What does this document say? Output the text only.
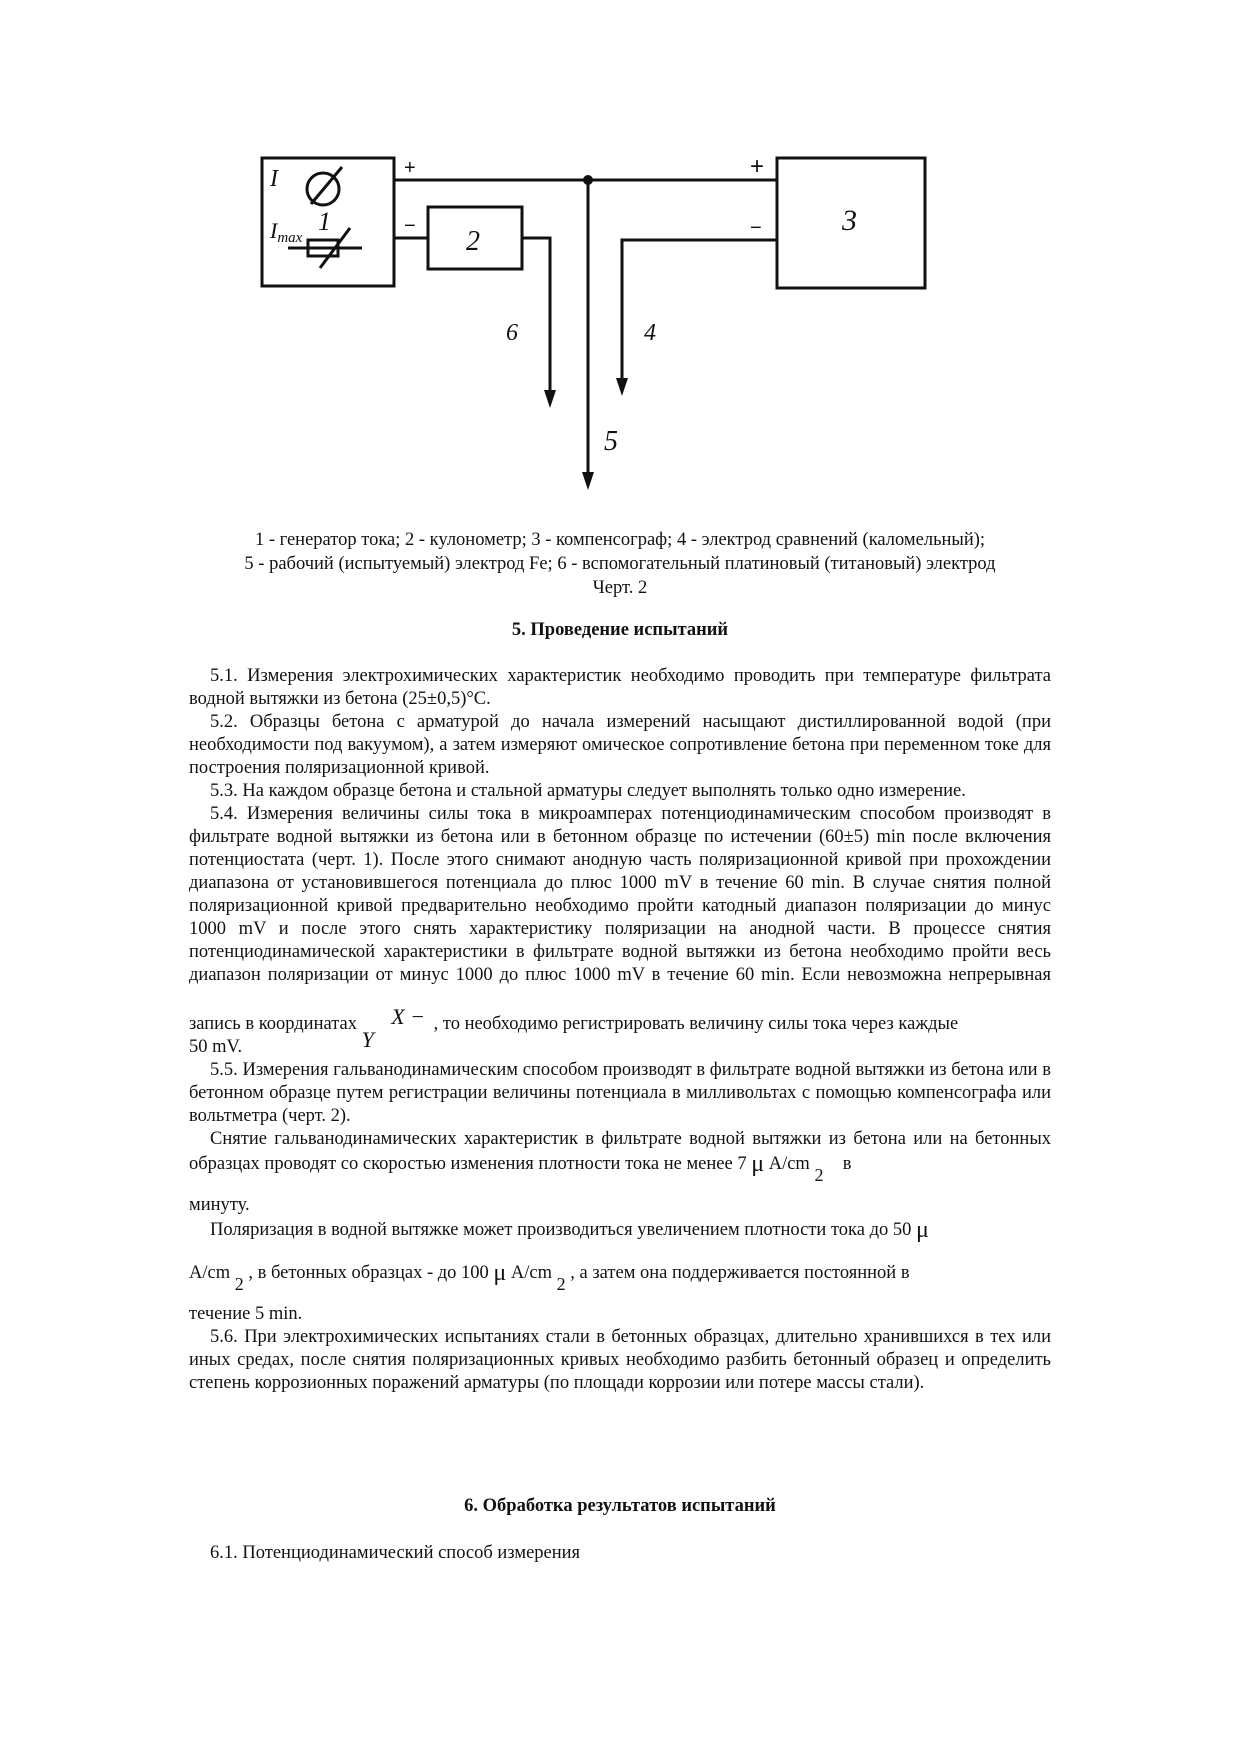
I
1
Imax	2
3
6	4
5
+
−
+
−
1 - генератор тока; 2 - кулонометр; 3 - компенсограф; 4 - электрод сравнений (каломельный);
5 - рабочий (испытуемый) электрод Fe; 6 - вспомогательный платиновый (титановый) электрод
Черт. 2
5. Проведение испытаний

5.1. Измерения электрохимических характеристик необходимо проводить при температуре фильтрата водной вытяжки из бетона (25±0,5)°С.

5.2. Образцы бетона с арматурой до начала измерений насыщают дистиллированной водой (при необходимости под вакуумом), а затем измеряют омическое сопротивление бетона при переменном токе для построения поляризационной кривой.

5.3. На каждом образце бетона и стальной арматуры следует выполнять только одно измерение.

5.4. Измерения величины силы тока в микроамперах потенциодинамическим способом производят в фильтрате водной вытяжки из бетона или в бетонном образце по истечении (60±5) min после включения потенциостата (черт. 1). После этого снимают анодную часть поляризационной кривой при прохождении диапазона от установившегося потенциала до плюс 1000 mV в течение 60 min. В случае снятия полной поляризационной кривой предварительно необходимо пройти катодный диапазон поляризации до минус 1000 mV и после этого снять характеристику поляризации на анодной части. В процессе снятия потенциодинамической характеристики в фильтрате водной вытяжки из бетона необходимо пройти весь диапазон поляризации от минус 1000 до плюс 1000 mV в течение 60 min. Если невозможна непрерывная запись в координатах X − Y, то необходимо регистрировать величину силы тока через каждые

50 mV.

5.5. Измерения гальванодинамическим способом производят в фильтрате водной вытяжки из бетона или в бетонном образце путем регистрации величины потенциала в милливольтах с помощью компенсографа или вольтметра (черт. 2).

Снятие гальванодинамических характеристик в фильтрате водной вытяжки из бетона или на бетонных образцах проводят со скоростью изменения плотности тока не менее 7 μ A/cm 2  в

минуту.

Поляризация в водной вытяжке может производиться увеличением плотности тока до 50 μ

A/cm 2 , в бетонных образцах - до 100 μ A/cm 2 , а затем она поддерживается постоянной в

течение 5 min.

5.6. При электрохимических испытаниях стали в бетонных образцах, длительно хранившихся в тех или иных средах, после снятия поляризационных кривых необходимо разбить бетонный образец и определить степень коррозионных поражений арматуры (по площади коррозии или потере массы стали).

6. Обработка результатов испытаний

6.1. Потенциодинамический способ измерения
